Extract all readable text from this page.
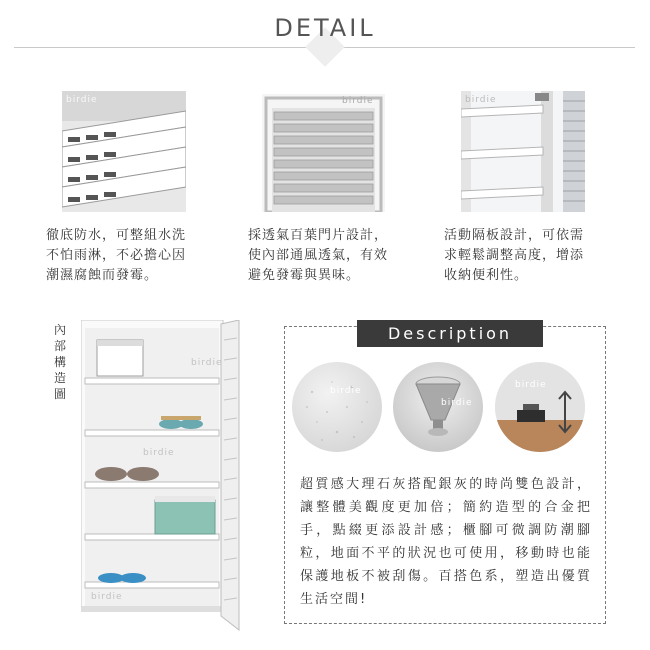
DETAIL
birdie	birdie	birdie
徹底防水，可整組水洗
不怕雨淋，不必擔心因
潮濕腐蝕而發霉。
採透氣百葉門片設計，
使內部通風透氣，有效
避免發霉與異味。
活動隔板設計，可依需
求輕鬆調整高度，增添
收納便利性。
內
部
構
造
圖
birdie
birdie
birdie
Description
birdie
birdie
birdie
超質感大理石灰搭配銀灰的時尚雙色設計，讓整體美觀度更加倍；簡約造型的合金把手，點綴更添設計感；櫃腳可微調防潮腳粒，地面不平的狀況也可使用，移動時也能保護地板不被刮傷。百搭色系，塑造出優質生活空間!
